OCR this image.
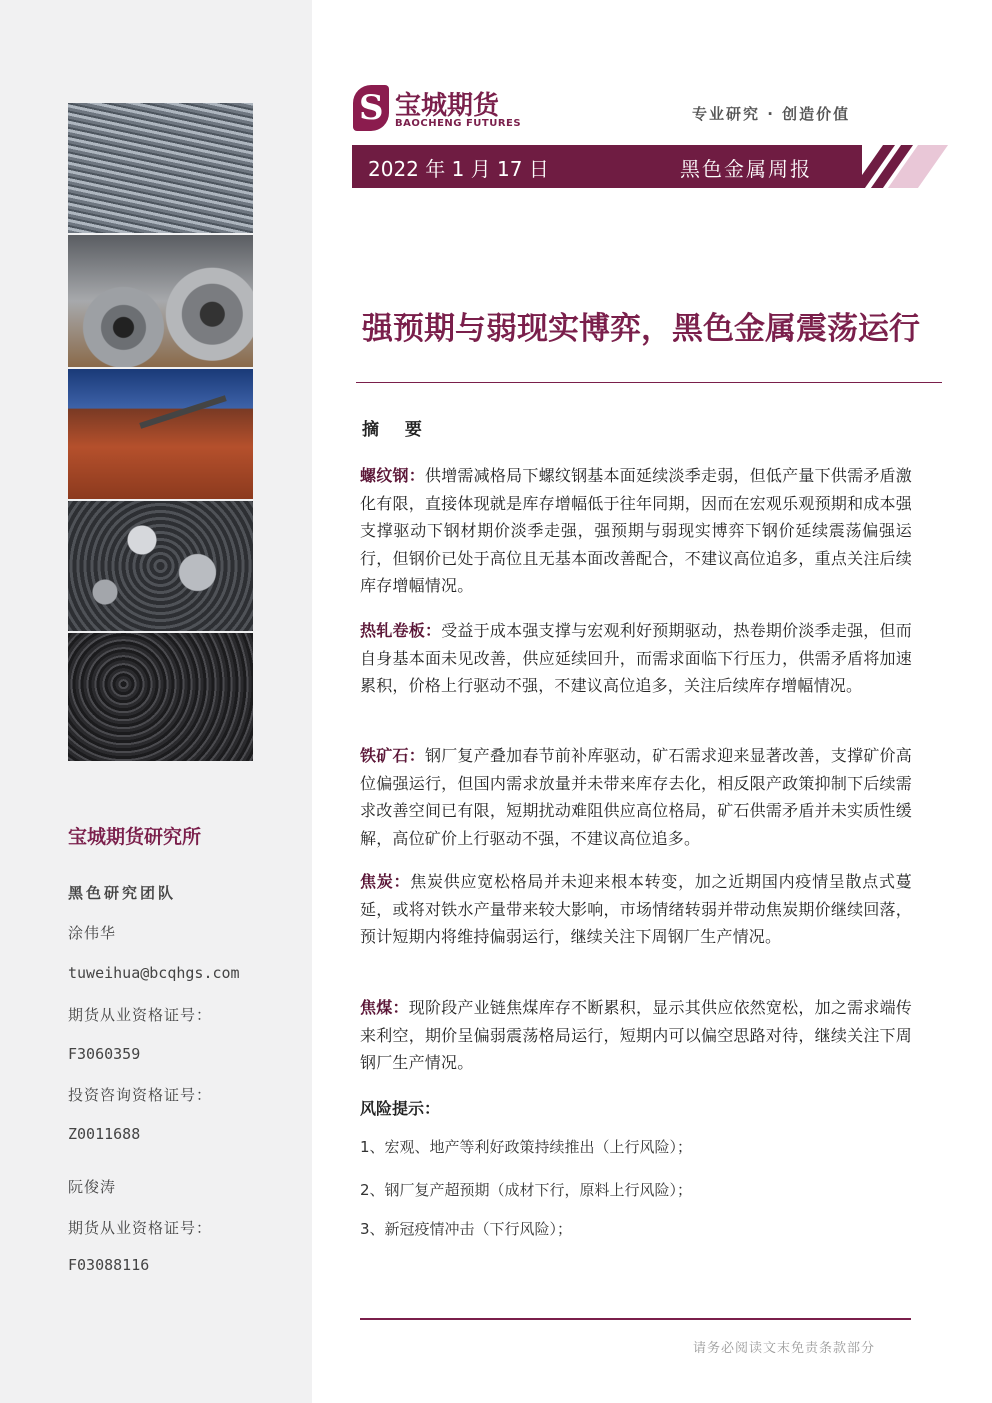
宝城期货研究所
黑色研究团队
涂伟华
tuweihua@bcqhgs.com
期货从业资格证号：
F3060359
投资咨询资格证号：
Z0011688
阮俊涛
期货从业资格证号：
F03088116
S 宝城期货
BAOCHENG FUTURES
专业研究 · 创造价值
2022 年 1 月 17 日	黑色金属周报
强预期与弱现实博弈，黑色金属震荡运行
摘 要
螺纹钢：供增需减格局下螺纹钢基本面延续淡季走弱，但低产量下供需矛盾激化有限，直接体现就是库存增幅低于往年同期，因而在宏观乐观预期和成本强支撑驱动下钢材期价淡季走强，强预期与弱现实博弈下钢价延续震荡偏强运行，但钢价已处于高位且无基本面改善配合，不建议高位追多，重点关注后续库存增幅情况。
热轧卷板：受益于成本强支撑与宏观利好预期驱动，热卷期价淡季走强，但而自身基本面未见改善，供应延续回升，而需求面临下行压力，供需矛盾将加速累积，价格上行驱动不强，不建议高位追多，关注后续库存增幅情况。
铁矿石：钢厂复产叠加春节前补库驱动，矿石需求迎来显著改善，支撑矿价高位偏强运行，但国内需求放量并未带来库存去化，相反限产政策抑制下后续需求改善空间已有限，短期扰动难阻供应高位格局，矿石供需矛盾并未实质性缓解，高位矿价上行驱动不强，不建议高位追多。
焦炭：焦炭供应宽松格局并未迎来根本转变，加之近期国内疫情呈散点式蔓延，或将对铁水产量带来较大影响，市场情绪转弱并带动焦炭期价继续回落，预计短期内将维持偏弱运行，继续关注下周钢厂生产情况。
焦煤：现阶段产业链焦煤库存不断累积，显示其供应依然宽松，加之需求端传来利空，期价呈偏弱震荡格局运行，短期内可以偏空思路对待，继续关注下周钢厂生产情况。
风险提示：
1、宏观、地产等利好政策持续推出（上行风险）；
2、钢厂复产超预期（成材下行，原料上行风险）；
3、新冠疫情冲击（下行风险）；
请务必阅读文末免责条款部分
